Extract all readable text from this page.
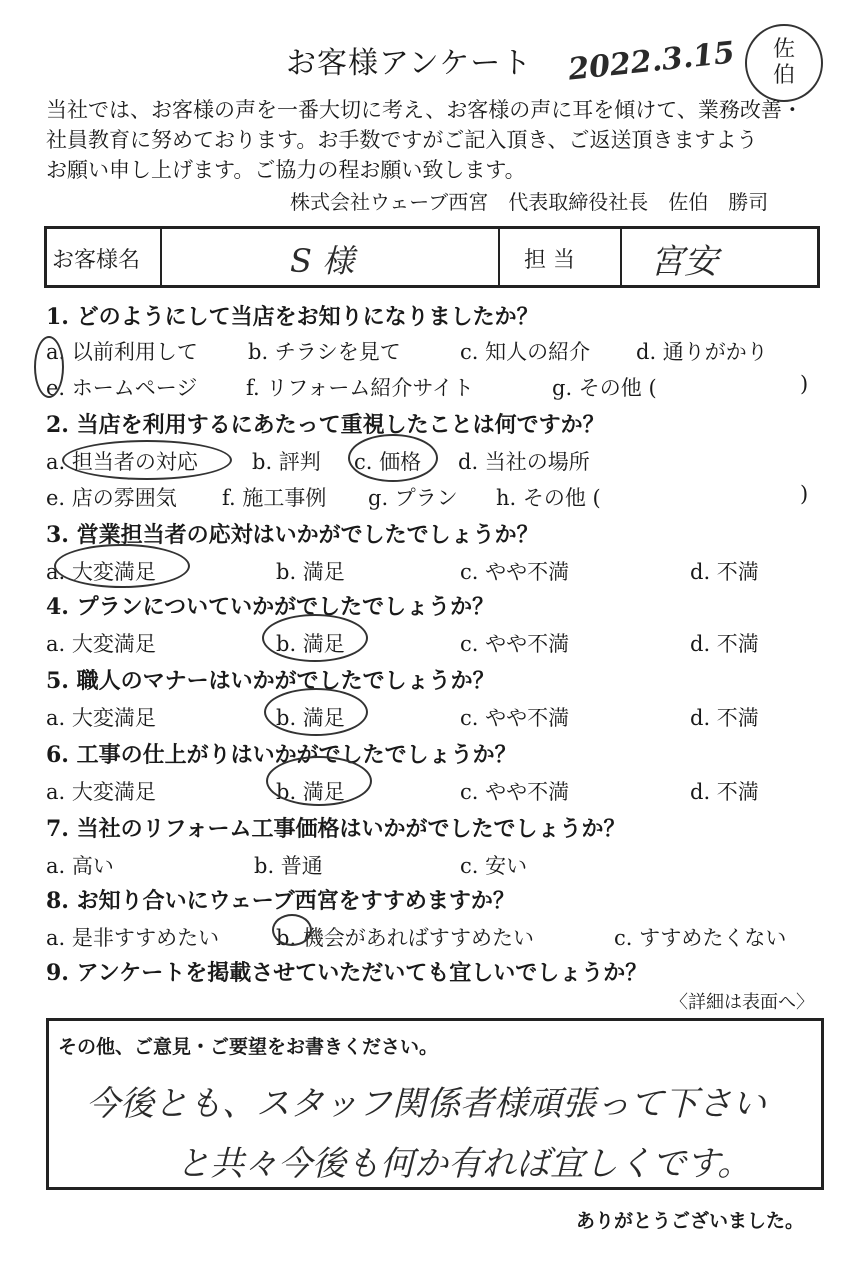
お客様アンケート 2022.3.15	佐
伯
当社では、お客様の声を一番大切に考え、お客様の声に耳を傾けて、業務改善・
社員教育に努めております。お手数ですがご記入頂き、ご返送頂きますよう
お願い申し上げます。ご協力の程お願い致します。
株式会社ウェーブ西宮　代表取締役社長　佐伯　勝司
お客様名	S 様	担 当 宮安
1. どのようにして当店をお知りになりましたか？
a. 以前利用して b. チラシを見て	c. 知人の紹介 d. 通りがかり
e. ホームページ f. リフォーム紹介サイト	g. その他 (	)
2. 当店を利用するにあたって重視したことは何ですか？
a. 担当者の対応	b. 評判 c. 価格 d. 当社の場所
e. 店の雰囲気 f. 施工事例 g. プラン h. その他 (	)
3. 営業担当者の応対はいかがでしたでしょうか？
a. 大変満足	b. 満足	c. やや不満	d. 不満
4. プランについていかがでしたでしょうか？
a. 大変満足	b. 満足	c. やや不満	d. 不満
5. 職人のマナーはいかがでしたでしょうか？
a. 大変満足	b. 満足	c. やや不満	d. 不満
6. 工事の仕上がりはいかがでしたでしょうか？
a. 大変満足	b. 満足	c. やや不満	d. 不満
7. 当社のリフォーム工事価格はいかがでしたでしょうか？
a. 高い	b. 普通	c. 安い
8. お知り合いにウェーブ西宮をすすめますか？
a. 是非すすめたい	b. 機会があればすすめたい	c. すすめたくない
9. アンケートを掲載させていただいても宜しいでしょうか？
〈詳細は表面へ〉
その他、ご意見・ご要望をお書きください。
今後とも、スタッフ関係者様頑張って下さい
と共々今後も何か有れば宜しくです。
ありがとうございました。
